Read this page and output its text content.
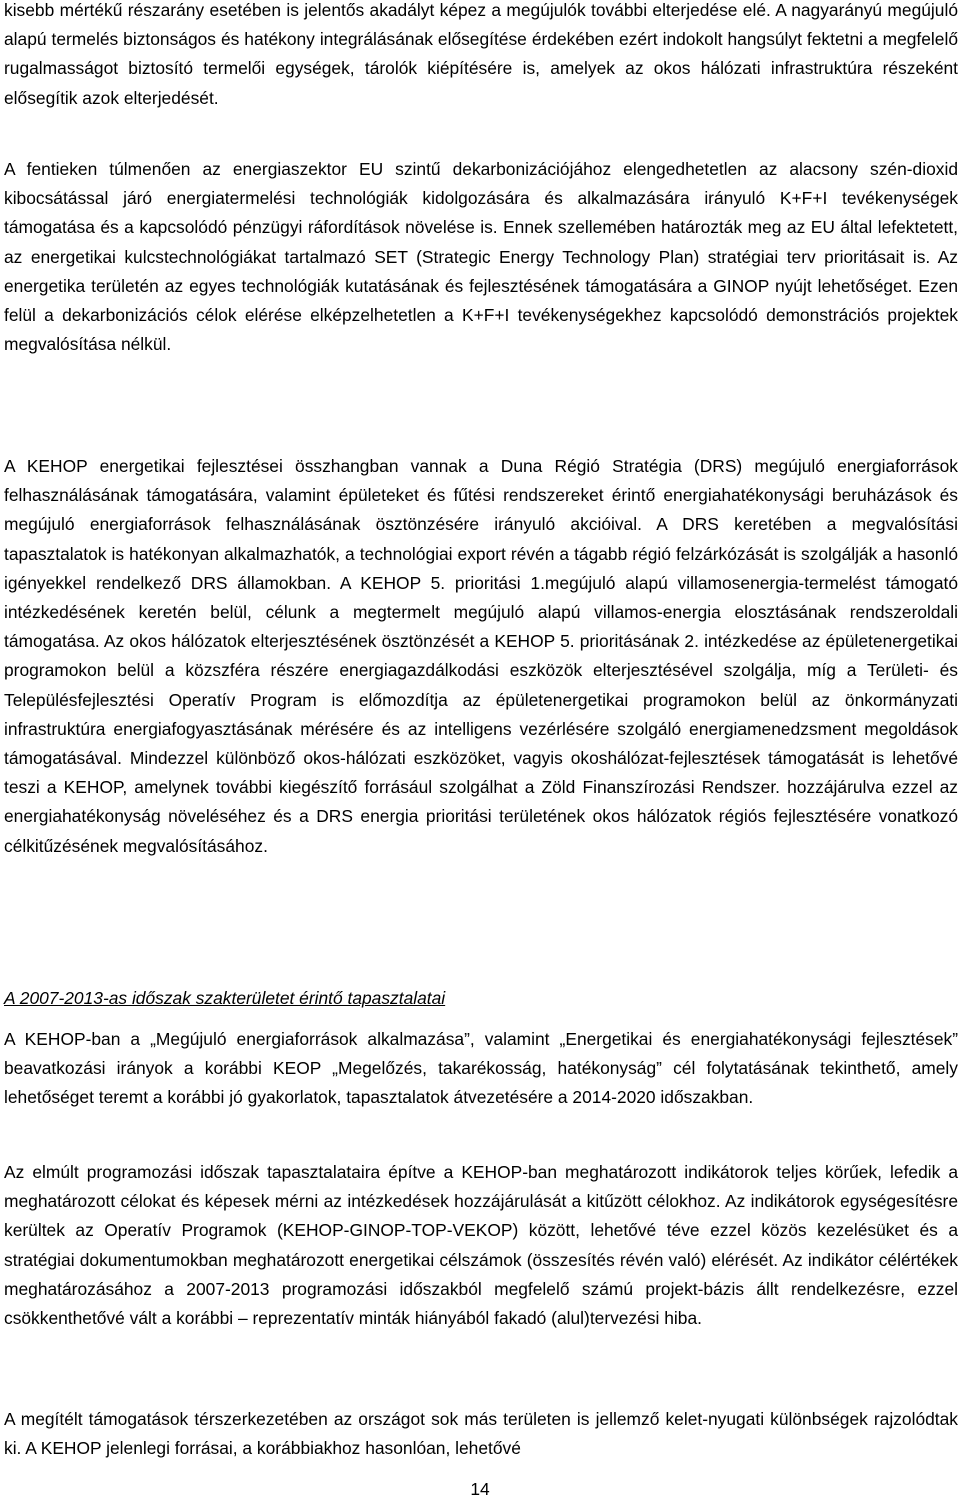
kisebb mértékű részarány esetében is jelentős akadályt képez a megújulók további elterjedése elé. A nagyarányú megújuló alapú termelés biztonságos és hatékony integrálásának elősegítése érdekében ezért indokolt hangsúlyt fektetni a megfelelő rugalmasságot biztosító termelői egységek, tárolók kiépítésére is, amelyek az okos hálózati infrastruktúra részeként elősegítik azok elterjedését.

A fentieken túlmenően az energiaszektor EU szintű dekarbonizációjához elengedhetetlen az alacsony szén-dioxid kibocsátással járó energiatermelési technológiák kidolgozására és alkalmazására irányuló K+F+I tevékenységek támogatása és a kapcsolódó pénzügyi ráfordítások növelése is. Ennek szellemében határozták meg az EU által lefektetett, az energetikai kulcstechnológiákat tartalmazó SET (Strategic Energy Technology Plan) stratégiai terv prioritásait is. Az energetika területén az egyes technológiák kutatásának és fejlesztésének támogatására a GINOP nyújt lehetőséget. Ezen felül a dekarbonizációs célok elérése elképzelhetetlen a K+F+I tevékenységekhez kapcsolódó demonstrációs projektek megvalósítása nélkül.

A KEHOP energetikai fejlesztései összhangban vannak a Duna Régió Stratégia (DRS) megújuló energiaforrások felhasználásának támogatására, valamint épületeket és fűtési rendszereket érintő energiahatékonysági beruházások és megújuló energiaforrások felhasználásának ösztönzésére irányuló akcióival. A DRS keretében a megvalósítási tapasztalatok is hatékonyan alkalmazhatók, a technológiai export révén a tágabb régió felzárkózását is szolgálják a hasonló igényekkel rendelkező DRS államokban. A KEHOP 5. prioritási 1.megújuló alapú villamosenergia-termelést támogató intézkedésének keretén belül, célunk a megtermelt megújuló alapú villamos-energia elosztásának rendszeroldali támogatása. Az okos hálózatok elterjesztésének ösztönzését a KEHOP 5. prioritásának 2. intézkedése az épületenergetikai programokon belül a közszféra részére energiagazdálkodási eszközök elterjesztésével szolgálja, míg a Területi- és Településfejlesztési Operatív Program is előmozdítja az épületenergetikai programokon belül az önkormányzati infrastruktúra energiafogyasztásának mérésére és az intelligens vezérlésére szolgáló energiamenedzsment megoldások támogatásával. Mindezzel különböző okos-hálózati eszközöket, vagyis okoshálózat-fejlesztések támogatását is lehetővé teszi a KEHOP, amelynek további kiegészítő forrásául szolgálhat a Zöld Finanszírozási Rendszer. hozzájárulva ezzel az energiahatékonyság növeléséhez és a DRS energia prioritási területének okos hálózatok régiós fejlesztésére vonatkozó célkitűzésének megvalósításához.

A 2007-2013-as időszak szakterületet érintő tapasztalatai

A KEHOP-ban a „Megújuló energiaforrások alkalmazása”, valamint „Energetikai és energiahatékonysági fejlesztések” beavatkozási irányok a korábbi KEOP „Megelőzés, takarékosság, hatékonyság” cél folytatásának tekinthető, amely lehetőséget teremt a korábbi jó gyakorlatok, tapasztalatok átvezetésére a 2014-2020 időszakban.

Az elmúlt programozási időszak tapasztalataira építve a KEHOP-ban meghatározott indikátorok teljes körűek, lefedik a meghatározott célokat és képesek mérni az intézkedések hozzájárulását a kitűzött célokhoz. Az indikátorok egységesítésre kerültek az Operatív Programok (KEHOP-GINOP-TOP-VEKOP) között, lehetővé téve ezzel közös kezelésüket és a stratégiai dokumentumokban meghatározott energetikai célszámok (összesítés révén való) elérését. Az indikátor célértékek meghatározásához a 2007-2013 programozási időszakból megfelelő számú projekt-bázis állt rendelkezésre, ezzel csökkenthetővé vált a korábbi – reprezentatív minták hiányából fakadó (alul)tervezési hiba.

A megítélt támogatások térszerkezetében az országot sok más területen is jellemző kelet-nyugati különbségek rajzolódtak ki. A KEHOP jelenlegi forrásai, a korábbiakhoz hasonlóan, lehetővé

14
